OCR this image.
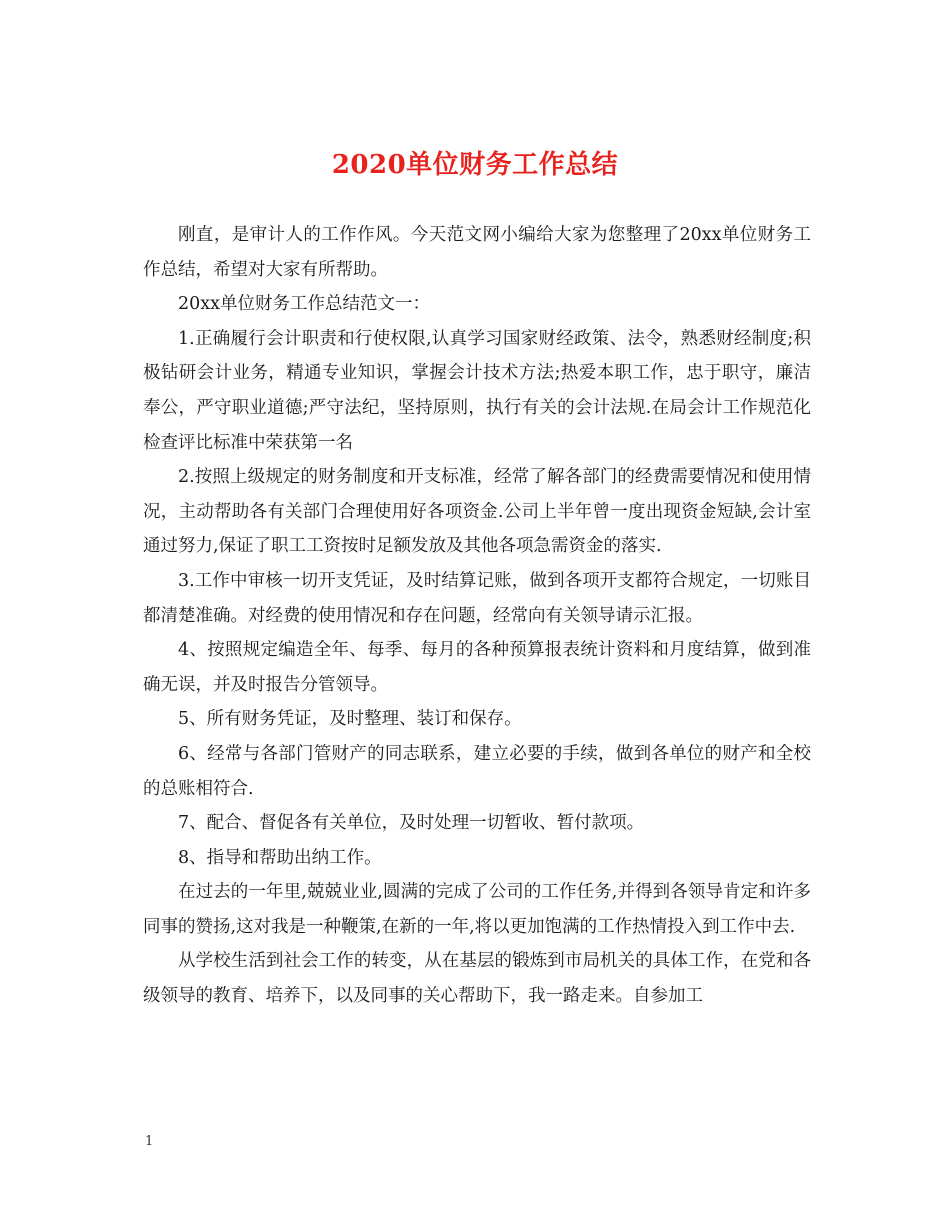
2020单位财务工作总结

刚直，是审计人的工作作风。今天范文网小编给大家为您整理了20xx单位财务工作总结，希望对大家有所帮助。

20xx单位财务工作总结范文一：

1.正确履行会计职责和行使权限,认真学习国家财经政策、法令，熟悉财经制度;积极钻研会计业务，精通专业知识，掌握会计技术方法;热爱本职工作，忠于职守，廉洁奉公，严守职业道德;严守法纪，坚持原则，执行有关的会计法规.在局会计工作规范化检查评比标准中荣获第一名

2.按照上级规定的财务制度和开支标准，经常了解各部门的经费需要情况和使用情况，主动帮助各有关部门合理使用好各项资金.公司上半年曾一度出现资金短缺,会计室通过努力,保证了职工工资按时足额发放及其他各项急需资金的落实.

3.工作中审核一切开支凭证，及时结算记账，做到各项开支都符合规定，一切账目都清楚准确。对经费的使用情况和存在问题，经常向有关领导请示汇报。

4、按照规定编造全年、每季、每月的各种预算报表统计资料和月度结算，做到准确无误，并及时报告分管领导。

5、所有财务凭证，及时整理、装订和保存。

6、经常与各部门管财产的同志联系，建立必要的手续，做到各单位的财产和全校的总账相符合.

7、配合、督促各有关单位，及时处理一切暂收、暂付款项。

8、指导和帮助出纳工作。

在过去的一年里,兢兢业业,圆满的完成了公司的工作任务,并得到各领导肯定和许多同事的赞扬,这对我是一种鞭策,在新的一年,将以更加饱满的工作热情投入到工作中去.

从学校生活到社会工作的转变，从在基层的锻炼到市局机关的具体工作，在党和各级领导的教育、培养下，以及同事的关心帮助下，我一路走来。自参加工

1
